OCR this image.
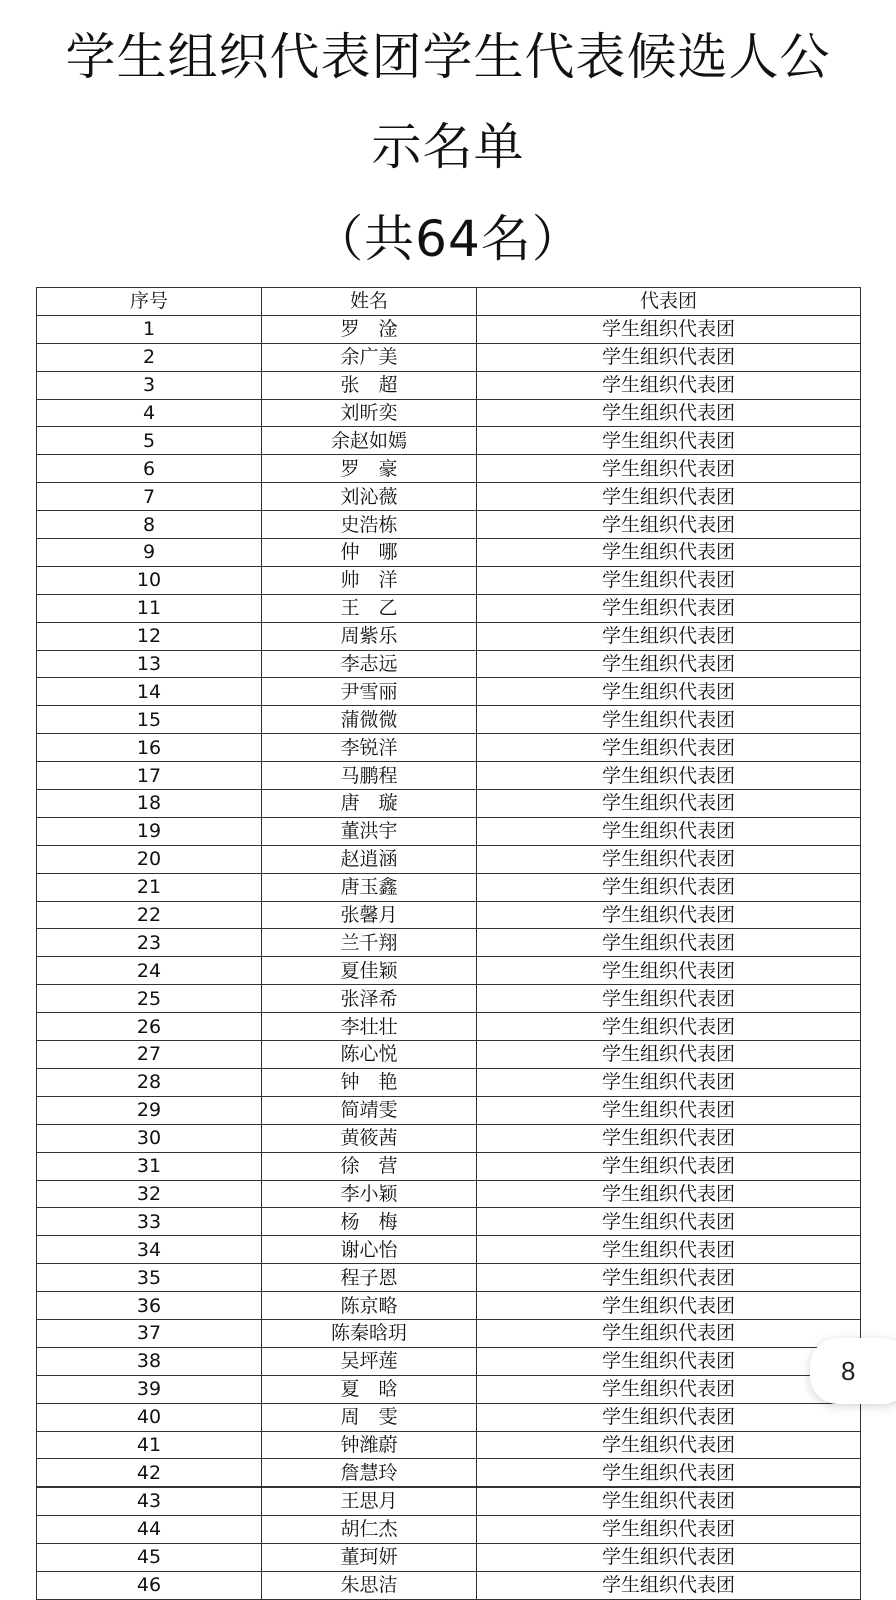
学生组织代表团学生代表候选人公
示名单
（共64名）
序号	姓名	代表团
1	罗　淦	学生组织代表团
2	余广美	学生组织代表团
3	张　超	学生组织代表团
4	刘昕奕	学生组织代表团
5	余赵如嫣	学生组织代表团
6	罗　豪	学生组织代表团
7	刘沁薇	学生组织代表团
8	史浩栋	学生组织代表团
9	仲　哪	学生组织代表团
10	帅　洋	学生组织代表团
11	王　乙	学生组织代表团
12	周紫乐	学生组织代表团
13	李志远	学生组织代表团
14	尹雪丽	学生组织代表团
15	蒲微微	学生组织代表团
16	李锐洋	学生组织代表团
17	马鹏程	学生组织代表团
18	唐　璇	学生组织代表团
19	董洪宇	学生组织代表团
20	赵逍涵	学生组织代表团
21	唐玉鑫	学生组织代表团
22	张馨月	学生组织代表团
23	兰千翔	学生组织代表团
24	夏佳颖	学生组织代表团
25	张泽希	学生组织代表团
26	李壮壮	学生组织代表团
27	陈心悦	学生组织代表团
28	钟　艳	学生组织代表团
29	简靖雯	学生组织代表团
30	黄筱茜	学生组织代表团
31	徐　营	学生组织代表团
32	李小颖	学生组织代表团
33	杨　梅	学生组织代表团
34	谢心怡	学生组织代表团
35	程子恩	学生组织代表团
36	陈京略	学生组织代表团
37	陈秦晗玥	学生组织代表团
38	吴坪莲	学生组织代表团
39	夏　晗	学生组织代表团
40	周　雯	学生组织代表团
41	钟潍蔚	学生组织代表团
42	詹慧玲	学生组织代表团
43	王思月	学生组织代表团
44	胡仁杰	学生组织代表团
45	董珂妍	学生组织代表团
46	朱思洁	学生组织代表团
8
